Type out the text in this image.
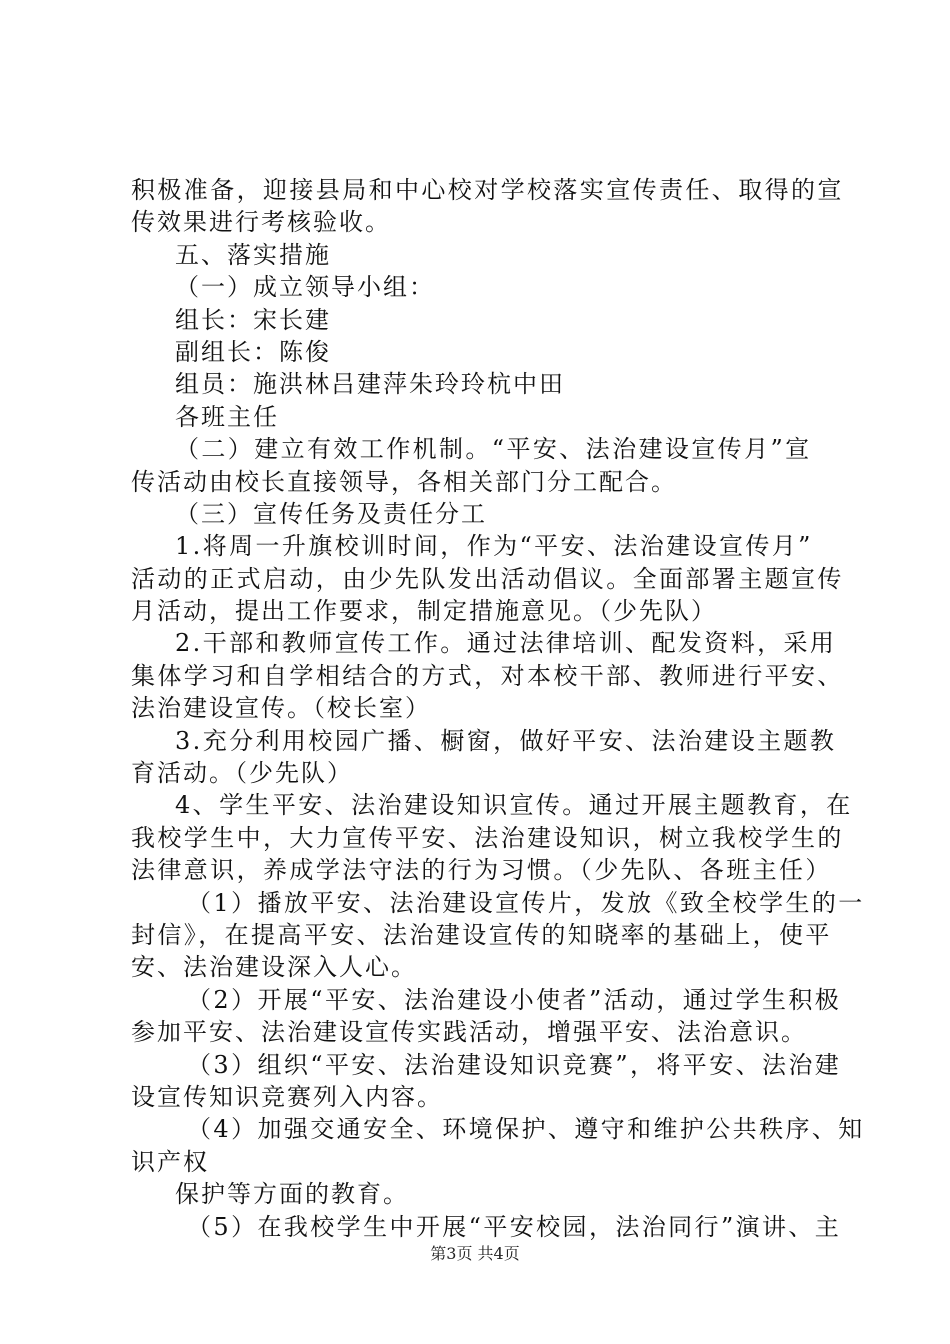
积极准备，迎接县局和中心校对学校落实宣传责任、取得的宣
传效果进行考核验收。
五、落实措施
（一）成立领导小组：
组长：宋长建
副组长：陈俊
组员：施洪林吕建萍朱玲玲杭中田
各班主任
（二）建立有效工作机制。“平安、法治建设宣传月”宣
传活动由校长直接领导，各相关部门分工配合。
（三）宣传任务及责任分工
1.将周一升旗校训时间，作为“平安、法治建设宣传月”
活动的正式启动，由少先队发出活动倡议。全面部署主题宣传
月活动，提出工作要求，制定措施意见。（少先队）
2.干部和教师宣传工作。通过法律培训、配发资料，采用
集体学习和自学相结合的方式，对本校干部、教师进行平安、
法治建设宣传。（校长室）
3.充分利用校园广播、橱窗，做好平安、法治建设主题教
育活动。（少先队）
4、学生平安、法治建设知识宣传。通过开展主题教育，在
我校学生中，大力宣传平安、法治建设知识，树立我校学生的
法律意识，养成学法守法的行为习惯。（少先队、各班主任）
（1）播放平安、法治建设宣传片，发放《致全校学生的一
封信》，在提高平安、法治建设宣传的知晓率的基础上，使平
安、法治建设深入人心。
（2）开展“平安、法治建设小使者”活动，通过学生积极
参加平安、法治建设宣传实践活动，增强平安、法治意识。
（3）组织“平安、法治建设知识竞赛”，将平安、法治建
设宣传知识竞赛列入内容。
（4）加强交通安全、环境保护、遵守和维护公共秩序、知
识产权
保护等方面的教育。
（5）在我校学生中开展“平安校园，法治同行”演讲、主
第3页 共4页
